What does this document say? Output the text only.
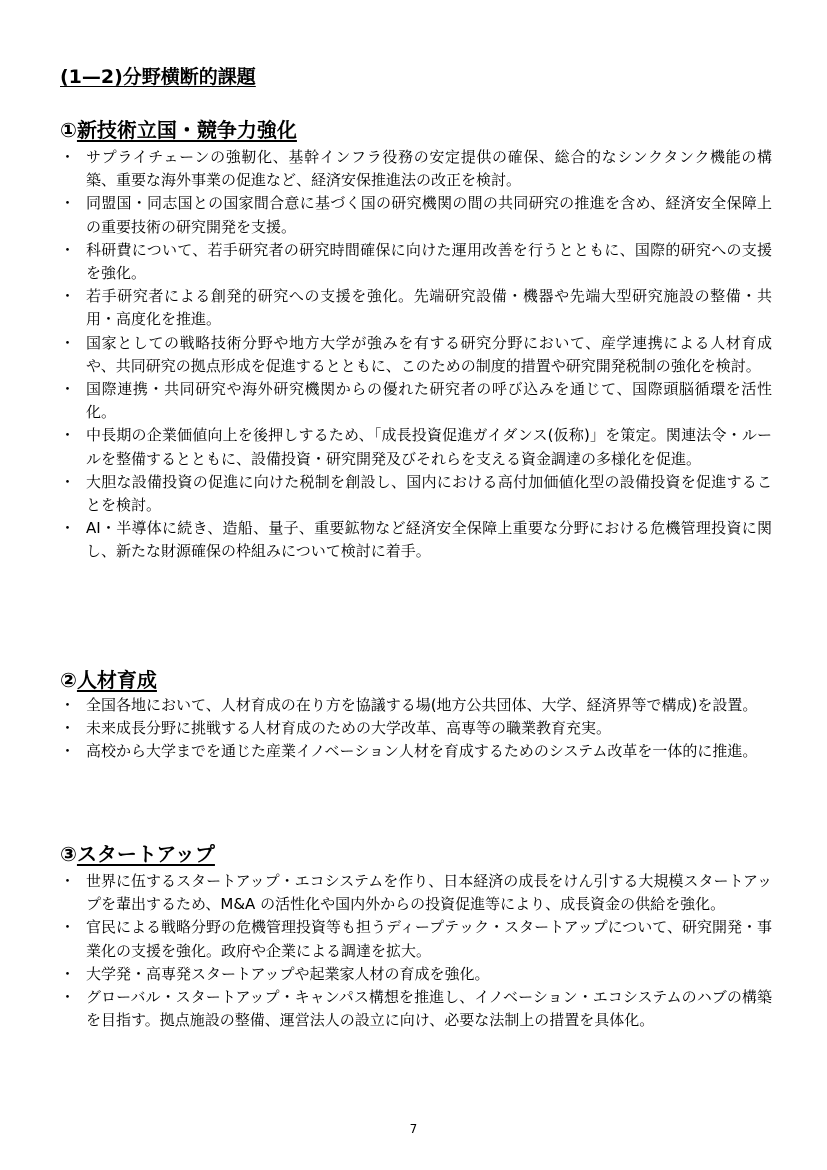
(1—2)分野横断的課題
①新技術立国・競争力強化
・ サプライチェーンの強靭化、基幹インフラ役務の安定提供の確保、総合的なシンクタンク機能の構築、重要な海外事業の促進など、経済安保推進法の改正を検討。
・ 同盟国・同志国との国家間合意に基づく国の研究機関の間の共同研究の推進を含め、経済安全保障上の重要技術の研究開発を支援。
・ 科研費について、若手研究者の研究時間確保に向けた運用改善を行うとともに、国際的研究への支援を強化。
・ 若手研究者による創発的研究への支援を強化。先端研究設備・機器や先端大型研究施設の整備・共用・高度化を推進。
・ 国家としての戦略技術分野や地方大学が強みを有する研究分野において、産学連携による人材育成や、共同研究の拠点形成を促進するとともに、このための制度的措置や研究開発税制の強化を検討。
・ 国際連携・共同研究や海外研究機関からの優れた研究者の呼び込みを通じて、国際頭脳循環を活性化。
・ 中長期の企業価値向上を後押しするため、「成長投資促進ガイダンス(仮称)」を策定。関連法令・ルールを整備するとともに、設備投資・研究開発及びそれらを支える資金調達の多様化を促進。
・ 大胆な設備投資の促進に向けた税制を創設し、国内における高付加価値化型の設備投資を促進することを検討。
・ AI・半導体に続き、造船、量子、重要鉱物など経済安全保障上重要な分野における危機管理投資に関し、新たな財源確保の枠組みについて検討に着手。
②人材育成
・ 全国各地において、人材育成の在り方を協議する場(地方公共団体、大学、経済界等で構成)を設置。
・ 未来成長分野に挑戦する人材育成のための大学改革、高専等の職業教育充実。
・ 高校から大学までを通じた産業イノベーション人材を育成するためのシステム改革を一体的に推進。
③スタートアップ
・ 世界に伍するスタートアップ・エコシステムを作り、日本経済の成長をけん引する大規模スタートアップを輩出するため、M&A の活性化や国内外からの投資促進等により、成長資金の供給を強化。
・ 官民による戦略分野の危機管理投資等も担うディープテック・スタートアップについて、研究開発・事業化の支援を強化。政府や企業による調達を拡大。
・ 大学発・高専発スタートアップや起業家人材の育成を強化。
・ グローバル・スタートアップ・キャンパス構想を推進し、イノベーション・エコシステムのハブの構築を目指す。拠点施設の整備、運営法人の設立に向け、必要な法制上の措置を具体化。
7
